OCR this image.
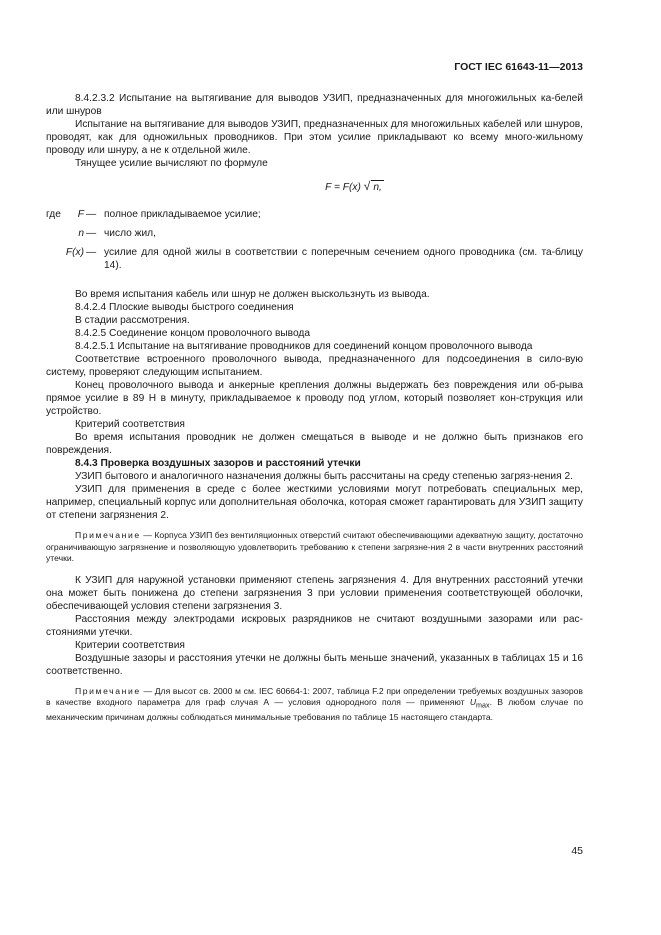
ГОСТ IEC 61643-11—2013

8.4.2.3.2 Испытание на вытягивание для выводов УЗИП, предназначенных для многожильных ка-белей или шнуров

Испытание на вытягивание для выводов УЗИП, предназначенных для многожильных кабелей или шнуров, проводят, как для одножильных проводников. При этом усилие прикладывают ко всему много-жильному проводу или шнуру, а не к отдельной жиле.

Тянущее усилие вычисляют по формуле

F = F(x) √ n,
где	F — полное прикладываемое усилие;

n — число жил,

F(x) — усилие для одной жилы в соответствии с поперечным сечением одного проводника (см. та-блицу 14).

Во время испытания кабель или шнур не должен выскользнуть из вывода.

8.4.2.4 Плоские выводы быстрого соединения

В стадии рассмотрения.

8.4.2.5 Соединение концом проволочного вывода

8.4.2.5.1 Испытание на вытягивание проводников для соединений концом проволочного вывода

Соответствие встроенного проволочного вывода, предназначенного для подсоединения в сило-вую систему, проверяют следующим испытанием.

Конец проволочного вывода и анкерные крепления должны выдержать без повреждения или об-рыва прямое усилие в 89 Н в минуту, прикладываемое к проводу под углом, который позволяет кон-струкция или устройство.

Критерий соответствия

Во время испытания проводник не должен смещаться в выводе и не должно быть признаков его повреждения.

8.4.3 Проверка воздушных зазоров и расстояний утечки

УЗИП бытового и аналогичного назначения должны быть рассчитаны на среду степенью загряз-нения 2.

УЗИП для применения в среде с более жесткими условиями могут потребовать специальных мер, например, специальный корпус или дополнительная оболочка, которая сможет гарантировать для УЗИП защиту от степени загрязнения 2.

Примечание — Корпуса УЗИП без вентиляционных отверстий считают обеспечивающими адекватную защиту, достаточно ограничивающую загрязнение и позволяющую удовлетворить требованию к степени загрязне-ния 2 в части внутренних расстояний утечки.

К УЗИП для наружной установки применяют степень загрязнения 4. Для внутренних расстояний утечки она может быть понижена до степени загрязнения 3 при условии применения соответствующей оболочки, обеспечивающей условия степени загрязнения 3.

Расстояния между электродами искровых разрядников не считают воздушными зазорами или рас-стояниями утечки.

Критерии соответствия

Воздушные зазоры и расстояния утечки не должны быть меньше значений, указанных в таблицах 15 и 16 соответственно.

Примечание — Для высот св. 2000 м см. IEC 60664-1: 2007, таблица F.2 при определении требуемых воздушных зазоров в качестве входного параметра для граф случая А — условия однородного поля — применяют $U_{max}$. В любом случае по механическим причинам должны соблюдаться минимальные требования по таблице 15 настоящего стандарта.

45
